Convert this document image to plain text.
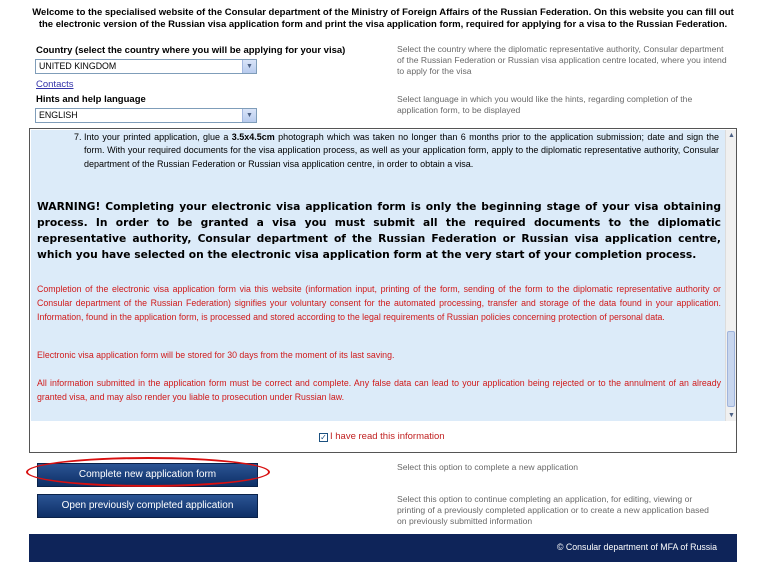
Welcome to the specialised website of the Consular department of the Ministry of Foreign Affairs of the Russian Federation. On this website you can fill out the electronic version of the Russian visa application form and print the visa application form, required for applying for a visa to the Russian Federation.
Country (select the country where you will be applying for your visa)
UNITED KINGDOM	▼
Select the country where the diplomatic representative authority, Consular department of the Russian Federation or Russian visa application centre located, where you intend to apply for the visa
Contacts
Hints and help language
ENGLISH	▼
Select language in which you would like the hints, regarding completion of the application form, to be displayed
7. Into your printed application, glue a 3.5x4.5cm photograph which was taken no longer than 6 months prior to the application submission; date and sign the form. With your required documents for the visa application process, as well as your application form, apply to the diplomatic representative authority, Consular department of the Russian Federation or Russian visa application centre, in order to obtain a visa.
WARNING! Completing your electronic visa application form is only the beginning stage of your visa obtaining process. In order to be granted a visa you must submit all the required documents to the diplomatic representative authority, Consular department of the Russian Federation or Russian visa application centre, which you have selected on the electronic visa application form at the very start of your completion process.
Completion of the electronic visa application form via this website (information input, printing of the form, sending of the form to the diplomatic representative authority or Consular department of the Russian Federation) signifies your voluntary consent for the automated processing, transfer and storage of the data found in your application. Information, found in the application form, is processed and stored according to the legal requirements of Russian policies concerning protection of personal data.
Electronic visa application form will be stored for 30 days from the moment of its last saving.
All information submitted in the application form must be correct and complete. Any false data can lead to your application being rejected or to the annulment of an already granted visa, and may also render you liable to prosecution under Russian law.
▲
▼
✓ I have read this information
Complete new application form
Select this option to complete a new application
Open previously completed application
Select this option to continue completing an application, for editing, viewing or printing of a previously completed application or to create a new application based on previously submitted information
© Consular department of MFA of Russia
